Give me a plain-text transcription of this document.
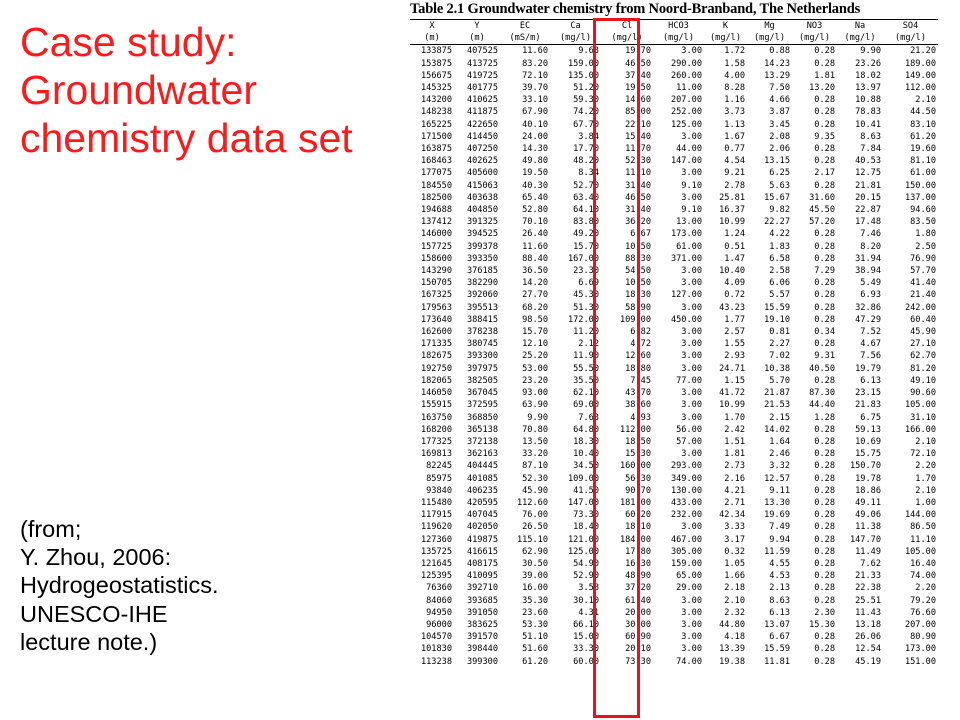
Case study:
Groundwater
chemistry data set
(from;
Y. Zhou, 2006:
Hydrogeostatistics.
UNESCO-IHE
lecture note.)
Table 2.1 Groundwater chemistry from Noord-Branband, The Netherlands
X	Y	EC	Ca	Cl	HCO3	K	Mg	NO3	Na	SO4
(m)	(m)	(mS/m)	(mg/l)	(mg/l)	(mg/l)	(mg/l)	(mg/l)	(mg/l)	(mg/l)	(mg/l)
133875	407525	11.60	9.63	19.70	3.00	1.72	0.88	0.28	9.90	21.20
153875	413725	83.20	159.00	46.50	290.00	1.58	14.23	0.28	23.26	189.00
156675	419725	72.10	135.00	37.40	260.00	4.00	13.29	1.81	18.02	149.00
145325	401775	39.70	51.20	19.50	11.00	8.28	7.50	13.20	13.97	112.00
143200	410625	33.10	59.30	14.60	207.00	1.16	4.66	0.28	10.88	2.10
148238	411875	67.90	74.20	85.00	252.00	3.73	3.87	0.28	78.83	44.50
165225	422650	40.10	67.70	22.10	125.00	1.13	3.45	0.28	10.41	83.10
171500	414450	24.00	3.84	15.40	3.00	1.67	2.08	9.35	8.63	61.20
163875	407250	14.30	17.70	11.70	44.00	0.77	2.06	0.28	7.84	19.60
168463	402625	49.80	48.20	52.30	147.00	4.54	13.15	0.28	40.53	81.10
177075	405600	19.50	8.34	11.10	3.00	9.21	6.25	2.17	12.75	61.00
184550	415063	40.30	52.70	31.40	9.10	2.78	5.63	0.28	21.81	150.00
182500	403638	65.40	63.40	46.50	3.00	25.81	15.67	31.60	20.15	137.00
194688	404850	52.80	64.10	31.40	9.10	16.37	9.82	45.50	22.87	94.60
137412	391325	70.10	83.80	36.20	13.00	10.99	22.27	57.20	17.48	83.50
146000	394525	26.40	49.20	6.67	173.00	1.24	4.22	0.28	7.46	1.80
157725	399378	11.60	15.70	10.50	61.00	0.51	1.83	0.28	8.20	2.50
158600	393350	88.40	167.00	88.30	371.00	1.47	6.58	0.28	31.94	76.90
143290	376185	36.50	23.30	54.50	3.00	10.40	2.58	7.29	38.94	57.70
150705	382290	14.20	6.69	10.50	3.00	4.09	6.06	0.28	5.49	41.40
167325	392060	27.70	45.30	18.30	127.00	0.72	5.57	0.28	6.93	21.40
179563	395513	68.20	51.30	58.90	3.00	43.23	15.59	0.28	32.86	242.00
173640	388415	98.50	172.00	109.00	450.00	1.77	19.10	0.28	47.29	60.40
162600	378238	15.70	11.20	6.82	3.00	2.57	0.81	0.34	7.52	45.90
171335	380745	12.10	2.12	4.72	3.00	1.55	2.27	0.28	4.67	27.10
182675	393300	25.20	11.90	12.60	3.00	2.93	7.02	9.31	7.56	62.70
192750	397975	53.00	55.50	18.80	3.00	24.71	10.38	40.50	19.79	81.20
182065	382505	23.20	35.50	7.45	77.00	1.15	5.70	0.28	6.13	49.10
146050	367045	93.00	62.10	43.70	3.00	41.72	21.87	87.30	23.15	90.60
155915	372595	63.90	69.00	38.60	3.00	10.99	21.53	44.40	21.83	105.00
163750	368850	9.90	7.63	4.93	3.00	1.70	2.15	1.28	6.75	31.10
168200	365138	70.80	64.80	112.00	56.00	2.42	14.02	0.28	59.13	166.00
177325	372138	13.50	18.30	18.50	57.00	1.51	1.64	0.28	10.69	2.10
169813	362163	33.20	10.40	15.30	3.00	1.81	2.46	0.28	15.75	72.10
82245	404445	87.10	34.50	160.00	293.00	2.73	3.32	0.28	150.70	2.20
85975	401085	52.30	109.00	56.30	349.00	2.16	12.57	0.28	19.78	1.70
93840	406235	45.90	41.50	90.70	130.00	4.21	9.11	0.28	18.86	2.10
115480	420595	112.60	147.00	181.00	433.00	2.71	13.30	0.28	49.11	1.00
117915	407045	76.00	73.30	60.20	232.00	42.34	19.69	0.28	49.06	144.00
119620	402050	26.50	18.40	18.10	3.00	3.33	7.49	0.28	11.38	86.50
127360	419875	115.10	121.00	184.00	467.00	3.17	9.94	0.28	147.70	11.10
135725	416615	62.90	125.00	17.80	305.00	0.32	11.59	0.28	11.49	105.00
121645	408175	30.50	54.90	16.30	159.00	1.05	4.55	0.28	7.62	16.40
125395	410095	39.00	52.90	48.90	65.00	1.66	4.53	0.28	21.33	74.00
76360	392710	16.00	3.58	37.20	29.00	2.18	2.13	0.28	22.38	2.20
84060	393685	35.30	30.10	61.40	3.00	2.10	8.63	0.28	25.51	79.20
94950	391050	23.60	4.31	20.00	3.00	2.32	6.13	2.30	11.43	76.60
96000	383625	53.30	66.10	30.00	3.00	44.80	13.07	15.30	13.18	207.00
104570	391570	51.10	15.00	60.90	3.00	4.18	6.67	0.28	26.06	80.90
101830	398440	51.60	33.30	20.10	3.00	13.39	15.59	0.28	12.54	173.00
113238	399300	61.20	60.00	73.30	74.00	19.38	11.81	0.28	45.19	151.00
